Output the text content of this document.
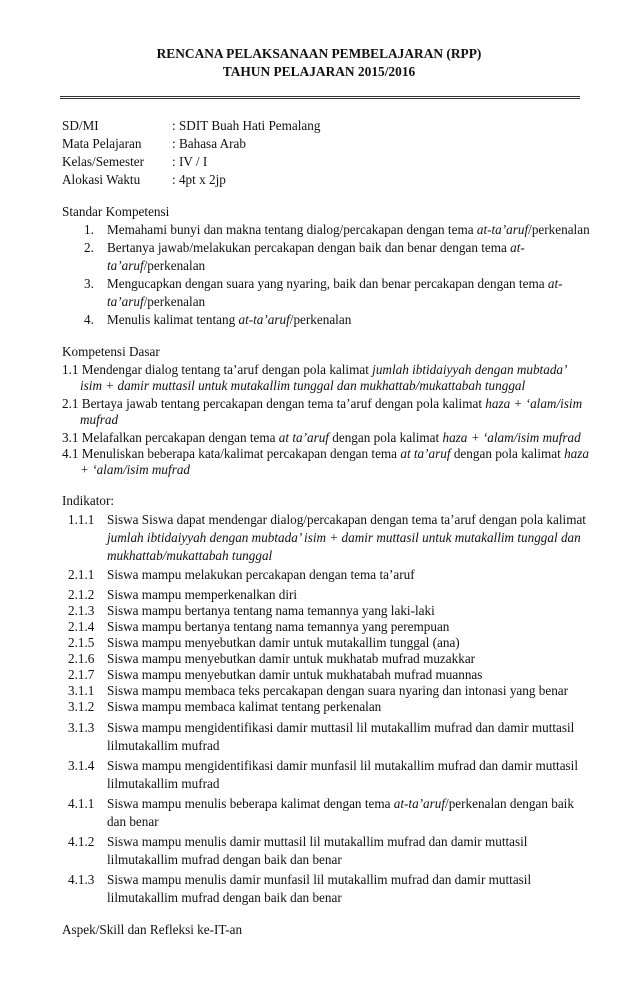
RENCANA PELAKSANAAN PEMBELAJARAN (RPP)
TAHUN PELAJARAN 2015/2016
SD/MI	: SDIT Buah Hati Pemalang
Mata Pelajaran : Bahasa Arab
Kelas/Semester : IV / I
Alokasi Waktu : 4pt x 2jp
Standar Kompetensi
1. Memahami bunyi dan makna tentang dialog/percakapan dengan tema at-ta’aruf/perkenalan
2. Bertanya jawab/melakukan percakapan dengan baik dan benar dengan tema at-
ta’aruf/perkenalan
3. Mengucapkan dengan suara yang nyaring, baik dan benar percakapan dengan tema at-
ta’aruf/perkenalan
4. Menulis kalimat tentang at-ta’aruf/perkenalan
Kompetensi Dasar
1.1 Mendengar dialog tentang ta’aruf dengan pola kalimat jumlah ibtidaiyyah dengan mubtada’
isim + damir muttasil untuk mutakallim tunggal dan mukhattab/mukattabah tunggal
2.1 Bertaya jawab tentang percakapan dengan tema ta’aruf dengan pola kalimat haza + ‘alam/isim
mufrad
3.1 Melafalkan percakapan dengan tema at ta’aruf dengan pola kalimat haza + ‘alam/isim mufrad
4.1 Menuliskan beberapa kata/kalimat percakapan dengan tema at ta’aruf dengan pola kalimat haza
+ ‘alam/isim mufrad
Indikator:
1.1.1 Siswa Siswa dapat mendengar dialog/percakapan dengan tema ta’aruf dengan pola kalimat
jumlah ibtidaiyyah dengan mubtada’ isim + damir muttasil untuk mutakallim tunggal dan
mukhattab/mukattabah tunggal
2.1.1 Siswa mampu melakukan percakapan dengan tema ta’aruf
2.1.2 Siswa mampu memperkenalkan diri
2.1.3 Siswa mampu bertanya tentang nama temannya yang laki-laki
2.1.4 Siswa mampu bertanya tentang nama temannya yang perempuan
2.1.5 Siswa mampu menyebutkan damir untuk mutakallim tunggal (ana)
2.1.6 Siswa mampu menyebutkan damir untuk mukhatab mufrad muzakkar
2.1.7 Siswa mampu menyebutkan damir untuk mukhatabah mufrad muannas
3.1.1 Siswa mampu membaca teks percakapan dengan suara nyaring dan intonasi yang benar
3.1.2 Siswa mampu membaca kalimat tentang perkenalan
3.1.3 Siswa mampu mengidentifikasi damir muttasil lil mutakallim mufrad dan damir muttasil
lilmutakallim mufrad
3.1.4 Siswa mampu mengidentifikasi damir munfasil lil mutakallim mufrad dan damir muttasil
lilmutakallim mufrad
4.1.1 Siswa mampu menulis beberapa kalimat dengan tema at-ta’aruf/perkenalan dengan baik
dan benar
4.1.2 Siswa mampu menulis damir muttasil lil mutakallim mufrad dan damir muttasil
lilmutakallim mufrad dengan baik dan benar
4.1.3 Siswa mampu menulis damir munfasil lil mutakallim mufrad dan damir muttasil
lilmutakallim mufrad dengan baik dan benar
Aspek/Skill dan Refleksi ke-IT-an
